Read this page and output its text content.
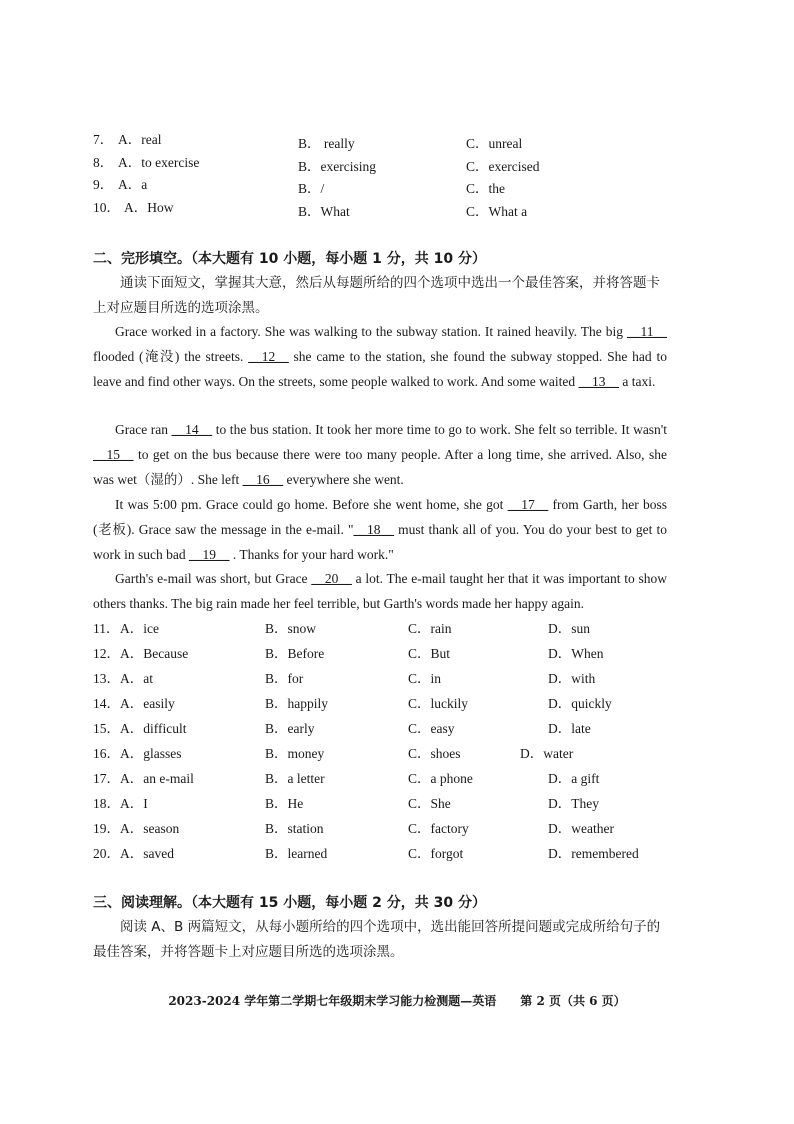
7． A．real	B． really	C．unreal
8． A．to exercise	B．exercising	C．exercised
9． A．a	B．/	C．the
10． A．How	B．What	C．What a
二、完形填空。（本大题有 10 小题，每小题 1 分，共 10 分）
通读下面短文，掌握其大意，然后从每题所给的四个选项中选出一个最佳答案，并将答题卡上对应题目所选的选项涂黑。
Grace worked in a factory. She was walking to the subway station. It rained heavily. The big __11__ flooded (淹没) the streets. __12__ she came to the station, she found the subway stopped. She had to leave and find other ways. On the streets, some people walked to work. And some waited __13__ a taxi.
Grace ran __14__ to the bus station. It took her more time to go to work. She felt so terrible. It wasn't __15__ to get on the bus because there were too many people. After a long time, she arrived. Also, she was wet（湿的）. She left __16__ everywhere she went.
It was 5:00 pm. Grace could go home. Before she went home, she got __17__ from Garth, her boss (老板). Grace saw the message in the e-mail. "__18__ must thank all of you. You do your best to get to work in such bad __19__ . Thanks for your hard work."
Garth's e-mail was short, but Grace __20__ a lot. The e-mail taught her that it was important to show others thanks. The big rain made her feel terrible, but Garth's words made her happy again.
11． A．ice	B．snow	C．rain	D．sun
12． A．Because	B．Before	C．But	D．When
13． A．at	B．for	C．in	D．with
14． A．easily	B．happily	C．luckily	D．quickly
15． A．difficult	B．early	C．easy	D．late
16． A．glasses	B．money	C．shoes	D．water
17． A．an e-mail	B．a letter	C．a phone	D．a gift
18． A．I	B．He	C．She	D．They
19． A．season	B．station	C．factory	D．weather
20． A．saved	B．learned	C．forgot	D．remembered
三、阅读理解。（本大题有 15 小题，每小题 2 分，共 30 分）
阅读 A、B 两篇短文，从每小题所给的四个选项中，选出能回答所提问题或完成所给句子的最佳答案，并将答题卡上对应题目所选的选项涂黑。
2023-2024 学年第二学期七年级期末学习能力检测题—英语　　第 2 页（共 6 页）
